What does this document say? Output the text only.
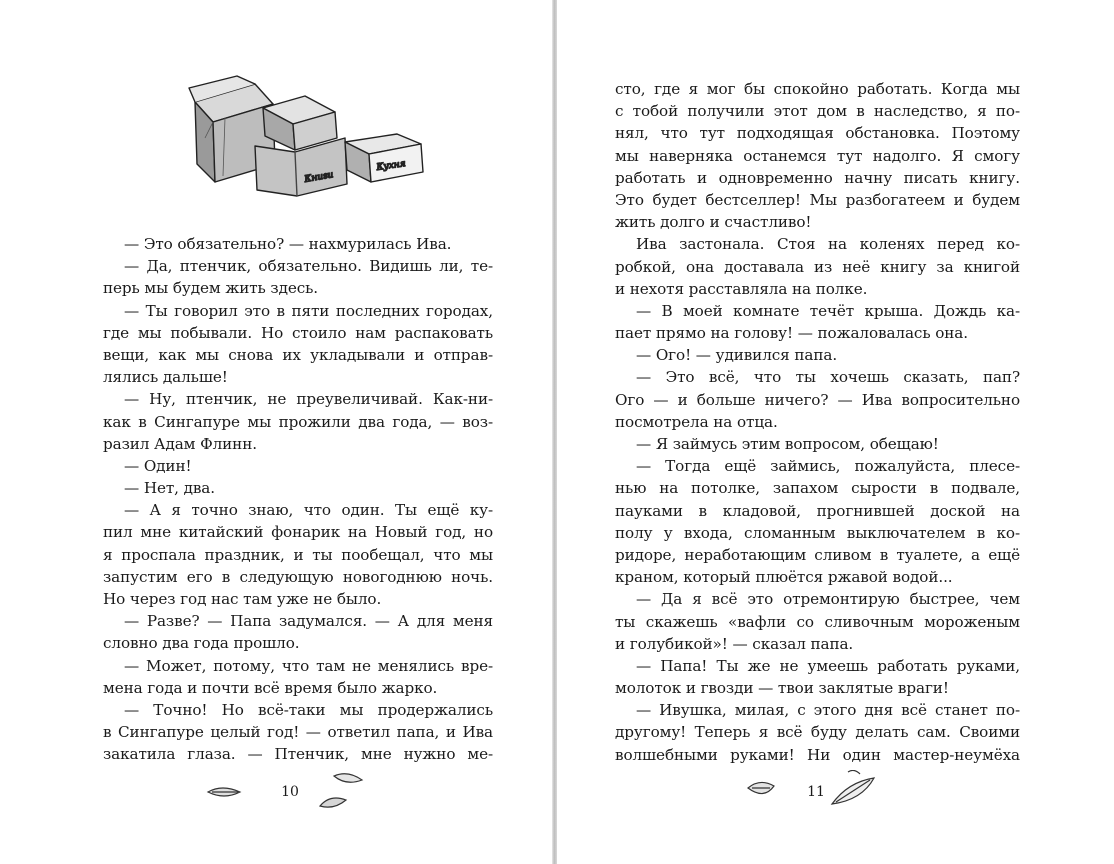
Книги
Кухня
— Это обязательно? — нахмурилась Ива.
— Да, птенчик, обязательно. Видишь ли, те-
перь мы будем жить здесь.
— Ты говорил это в пяти последних городах,
где мы побывали. Но стоило нам распаковать
вещи, как мы снова их укладывали и отправ-
лялись дальше!
— Ну, птенчик, не преувеличивай. Как-ни-
как в Сингапуре мы прожили два года, — воз-
разил Адам Флинн.
— Один!
— Нет, два.
— А я точно знаю, что один. Ты ещё ку-
пил мне китайский фонарик на Новый год, но
я проспала праздник, и ты пообещал, что мы
запустим его в следующую новогоднюю ночь.
Но через год нас там уже не было.
— Разве? — Папа задумался. — А для меня
словно два года прошло.
— Может, потому, что там не менялись вре-
мена года и почти всё время было жарко.
— Точно! Но всё-таки мы продержались
в Сингапуре целый год! — ответил папа, и Ива
закатила глаза. — Птенчик, мне нужно ме-
10
сто, где я мог бы спокойно работать. Когда мы
с тобой получили этот дом в наследство, я по-
нял, что тут подходящая обстановка. Поэтому
мы наверняка останемся тут надолго. Я смогу
работать и одновременно начну писать книгу.
Это будет бестселлер! Мы разбогатеем и будем
жить долго и счастливо!
Ива застонала. Стоя на коленях перед ко-
робкой, она доставала из неё книгу за книгой
и нехотя расставляла на полке.
— В моей комнате течёт крыша. Дождь ка-
пает прямо на голову! — пожаловалась она.
— Ого! — удивился папа.
— Это всё, что ты хочешь сказать, пап?
Ого — и больше ничего? — Ива вопросительно
посмотрела на отца.
— Я займусь этим вопросом, обещаю!
— Тогда ещё займись, пожалуйста, плесе-
нью на потолке, запахом сырости в подвале,
пауками в кладовой, прогнившей доской на
полу у входа, сломанным выключателем в ко-
ридоре, неработающим сливом в туалете, а ещё
краном, который плюётся ржавой водой...
— Да я всё это отремонтирую быстрее, чем
ты скажешь «вафли со сливочным мороженым
и голубикой»! — сказал папа.
— Папа! Ты же не умеешь работать руками,
молоток и гвозди — твои заклятые враги!
— Ивушка, милая, с этого дня всё станет по-
другому! Теперь я всё буду делать сам. Своими
волшебными руками! Ни один мастер-неумёха
11
